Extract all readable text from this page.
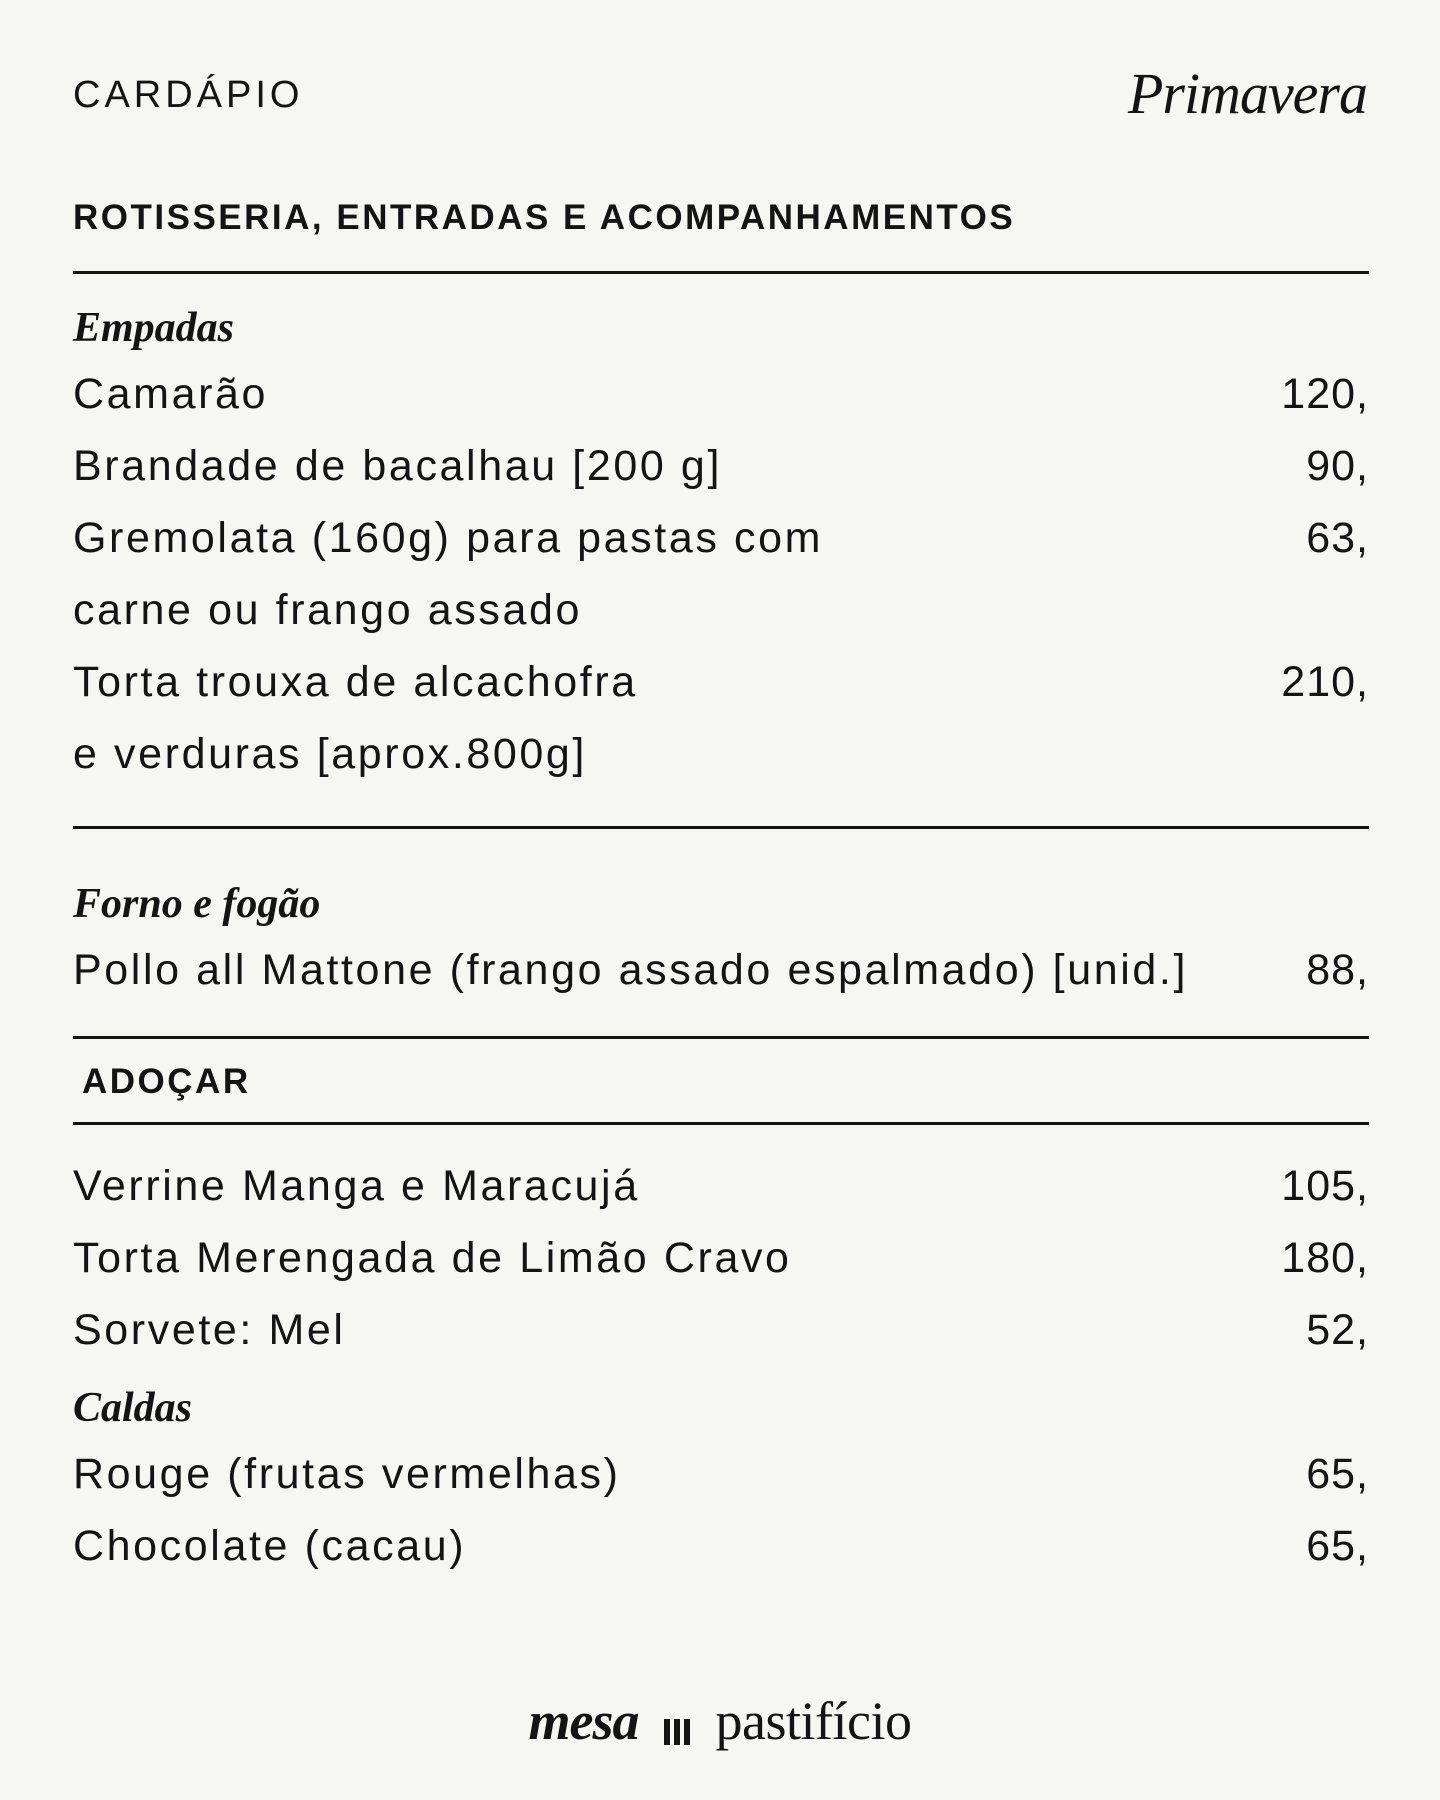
CARDÁPIO	Primavera
ROTISSERIA, ENTRADAS E ACOMPANHAMENTOS
Empadas
Camarão	120,
Brandade de bacalhau [200 g]	90,
Gremolata (160g) para pastas com	63,
carne ou frango assado
Torta trouxa de alcachofra	210,
e verduras [aprox.800g]
Forno e fogão
Pollo all Mattone (frango assado espalmado) [unid.]	88,
ADOÇAR
Verrine Manga e Maracujá	105,
Torta Merengada de Limão Cravo	180,
Sorvete: Mel	52,
Caldas
Rouge (frutas vermelhas)	65,
Chocolate (cacau)	65,
mesa pastifício
